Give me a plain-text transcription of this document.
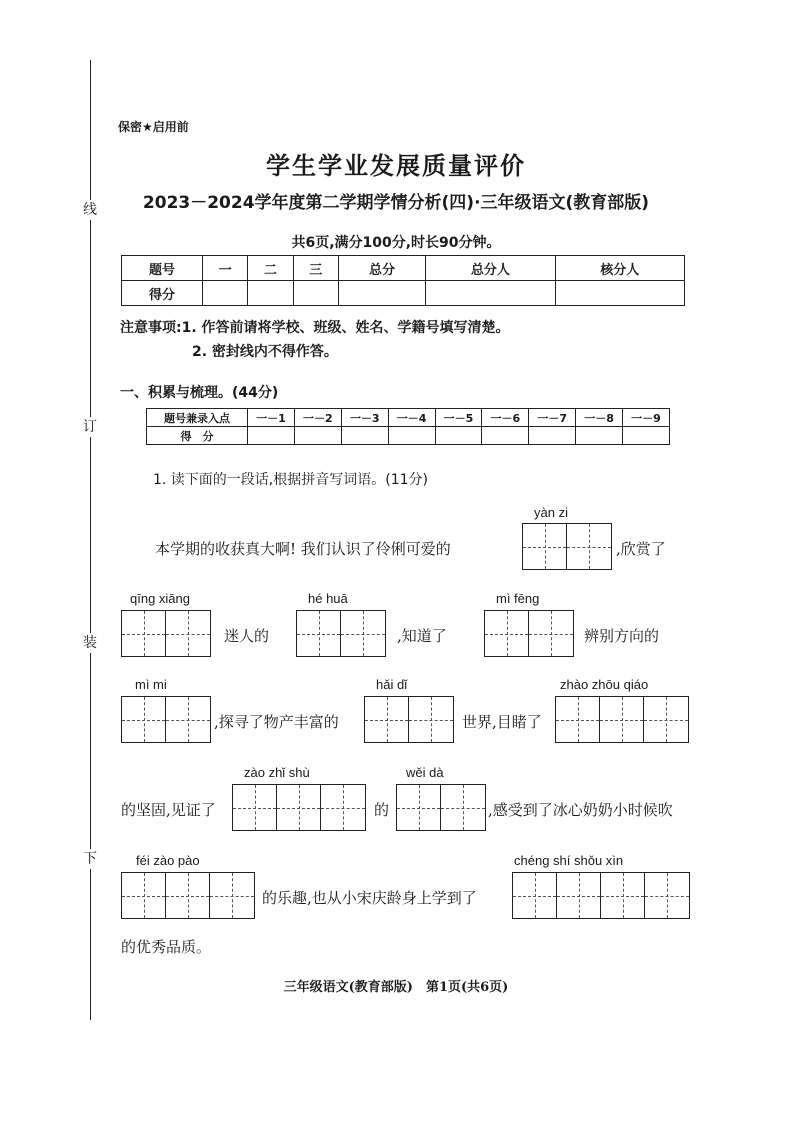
线
订
装
下
保密★启用前
学生学业发展质量评价
2023－2024学年度第二学期学情分析(四)·三年级语文(教育部版)
共6页,满分100分,时长90分钟。
题号	一	二	三	总分	总分人	核分人
得分						
注意事项:1. 作答前请将学校、班级、姓名、学籍号填写清楚。
2. 密封线内不得作答。
一、积累与梳理。(44分)
题号兼录入点	一－1	一－2	一－3	一－4	一－5	一－6	一－7	一－8	一－9
得　分									
1. 读下面的一段话,根据拼音写词语。(11分)
yàn zi
本学期的收获真大啊! 我们认识了伶俐可爱的	,欣赏了
qīng xiāng
迷人的
hé huā
,知道了
mì fēng
辨别方向的
mì mi
,探寻了物产丰富的
hǎi dǐ
世界,目睹了
zhào zhōu qiáo
zào zhǐ shù
的坚固,见证了	的
wěi dà
,感受到了冰心奶奶小时候吹
féi zào pào
的乐趣,也从小宋庆龄身上学到了
chéng shí shǒu xìn
的优秀品质。
三年级语文(教育部版)　第1页(共6页)
